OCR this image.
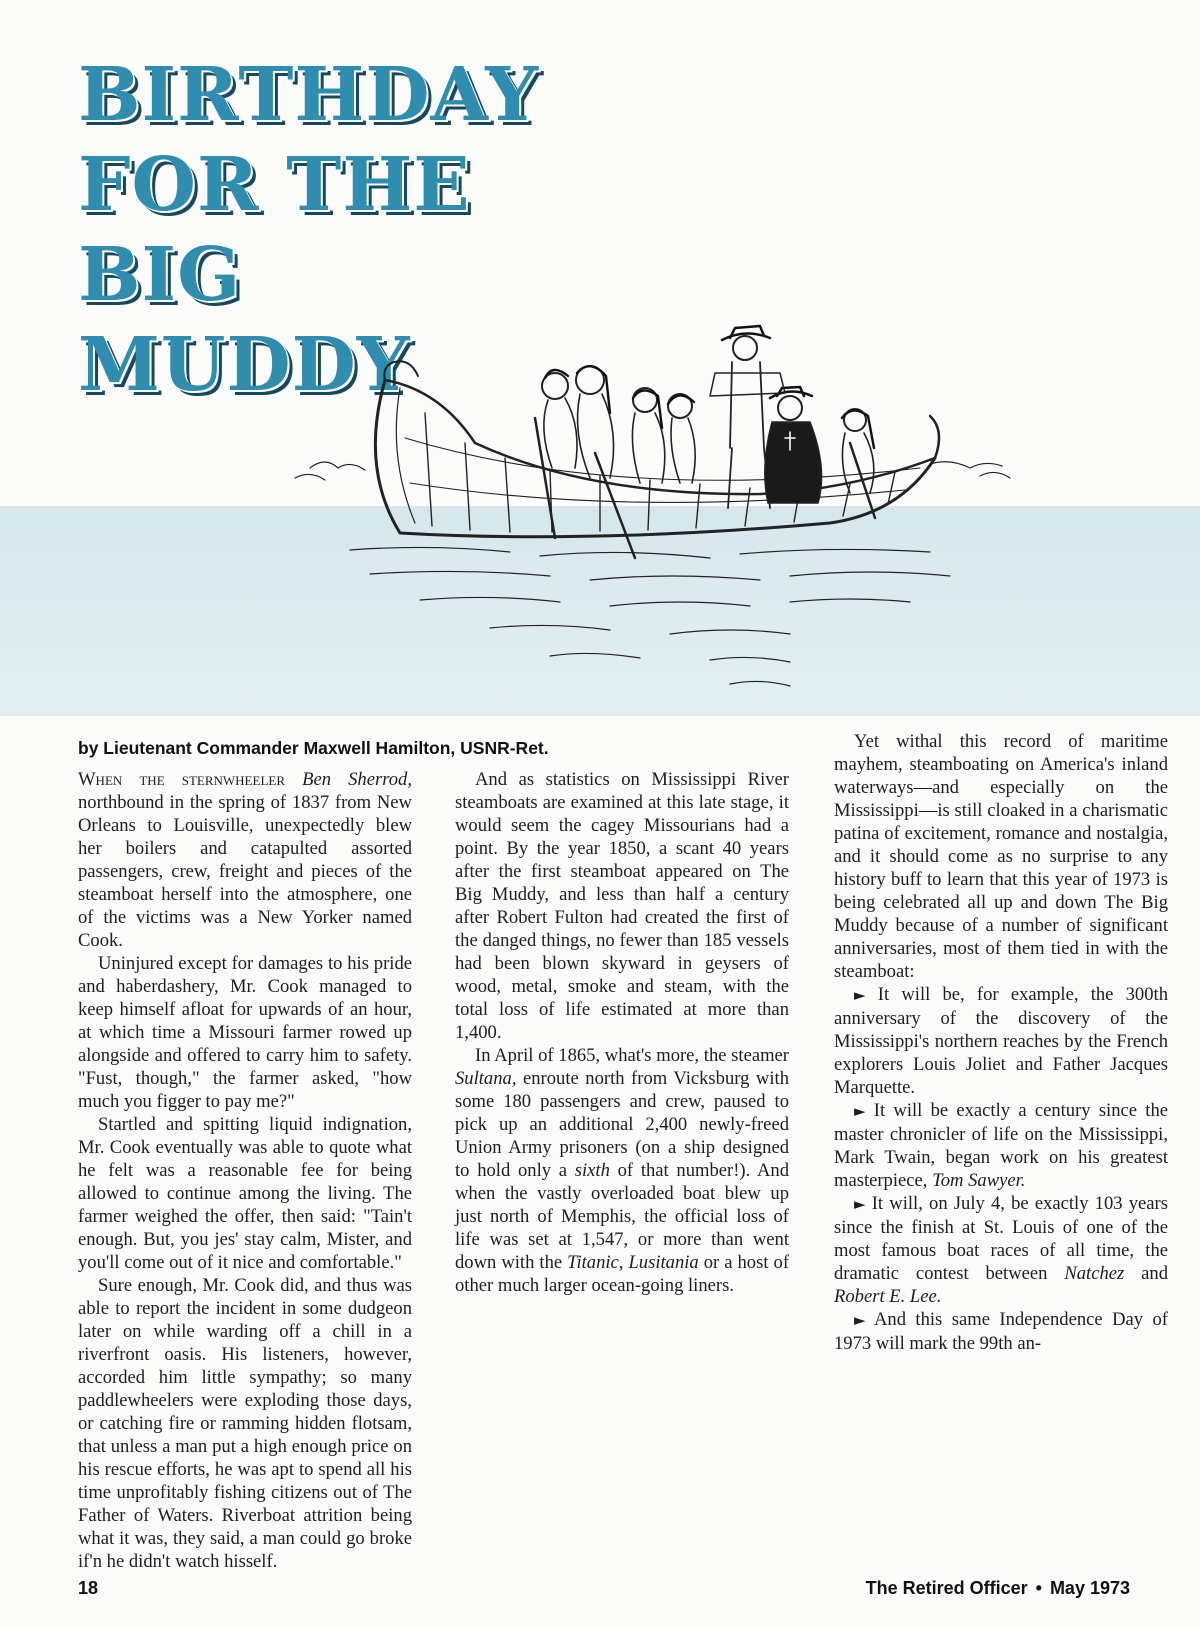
BIRTHDAY
FOR THE
BIG
MUDDY

by Lieutenant Commander Maxwell Hamilton, USNR-Ret.

When the sternwheeler Ben Sherrod, northbound in the spring of 1837 from New Orleans to Louisville, unexpectedly blew her boilers and catapulted assorted passengers, crew, freight and pieces of the steamboat herself into the atmosphere, one of the victims was a New Yorker named Cook.

Uninjured except for damages to his pride and haberdashery, Mr. Cook managed to keep himself afloat for upwards of an hour, at which time a Missouri farmer rowed up alongside and offered to carry him to safety. "Fust, though," the farmer asked, "how much you figger to pay me?"

Startled and spitting liquid indignation, Mr. Cook eventually was able to quote what he felt was a reasonable fee for being allowed to continue among the living. The farmer weighed the offer, then said: "Tain't enough. But, you jes' stay calm, Mister, and you'll come out of it nice and comfortable."

Sure enough, Mr. Cook did, and thus was able to report the incident in some dudgeon later on while warding off a chill in a riverfront oasis. His listeners, however, accorded him little sympathy; so many paddlewheelers were exploding those days, or catching fire or ramming hidden flotsam, that unless a man put a high enough price on his rescue efforts, he was apt to spend all his time unprofitably fishing citizens out of The Father of Waters. Riverboat attrition being what it was, they said, a man could go broke if'n he didn't watch hisself.

And as statistics on Mississippi River steamboats are examined at this late stage, it would seem the cagey Missourians had a point. By the year 1850, a scant 40 years after the first steamboat appeared on The Big Muddy, and less than half a century after Robert Fulton had created the first of the danged things, no fewer than 185 vessels had been blown skyward in geysers of wood, metal, smoke and steam, with the total loss of life estimated at more than 1,400.

In April of 1865, what's more, the steamer Sultana, enroute north from Vicksburg with some 180 passengers and crew, paused to pick up an additional 2,400 newly-freed Union Army prisoners (on a ship designed to hold only a sixth of that number!). And when the vastly overloaded boat blew up just north of Memphis, the official loss of life was set at 1,547, or more than went down with the Titanic, Lusitania or a host of other much larger ocean-going liners.

Yet withal this record of maritime mayhem, steamboating on America's inland waterways—and especially on the Mississippi—is still cloaked in a charismatic patina of excitement, romance and nostalgia, and it should come as no surprise to any history buff to learn that this year of 1973 is being celebrated all up and down The Big Muddy because of a number of significant anniversaries, most of them tied in with the steamboat:

► It will be, for example, the 300th anniversary of the discovery of the Mississippi's northern reaches by the French explorers Louis Joliet and Father Jacques Marquette.

► It will be exactly a century since the master chronicler of life on the Mississippi, Mark Twain, began work on his greatest masterpiece, Tom Sawyer.

► It will, on July 4, be exactly 103 years since the finish at St. Louis of one of the most famous boat races of all time, the dramatic contest between Natchez and Robert E. Lee.

► And this same Independence Day of 1973 will mark the 99th an-

18	The Retired Officer • May 1973
